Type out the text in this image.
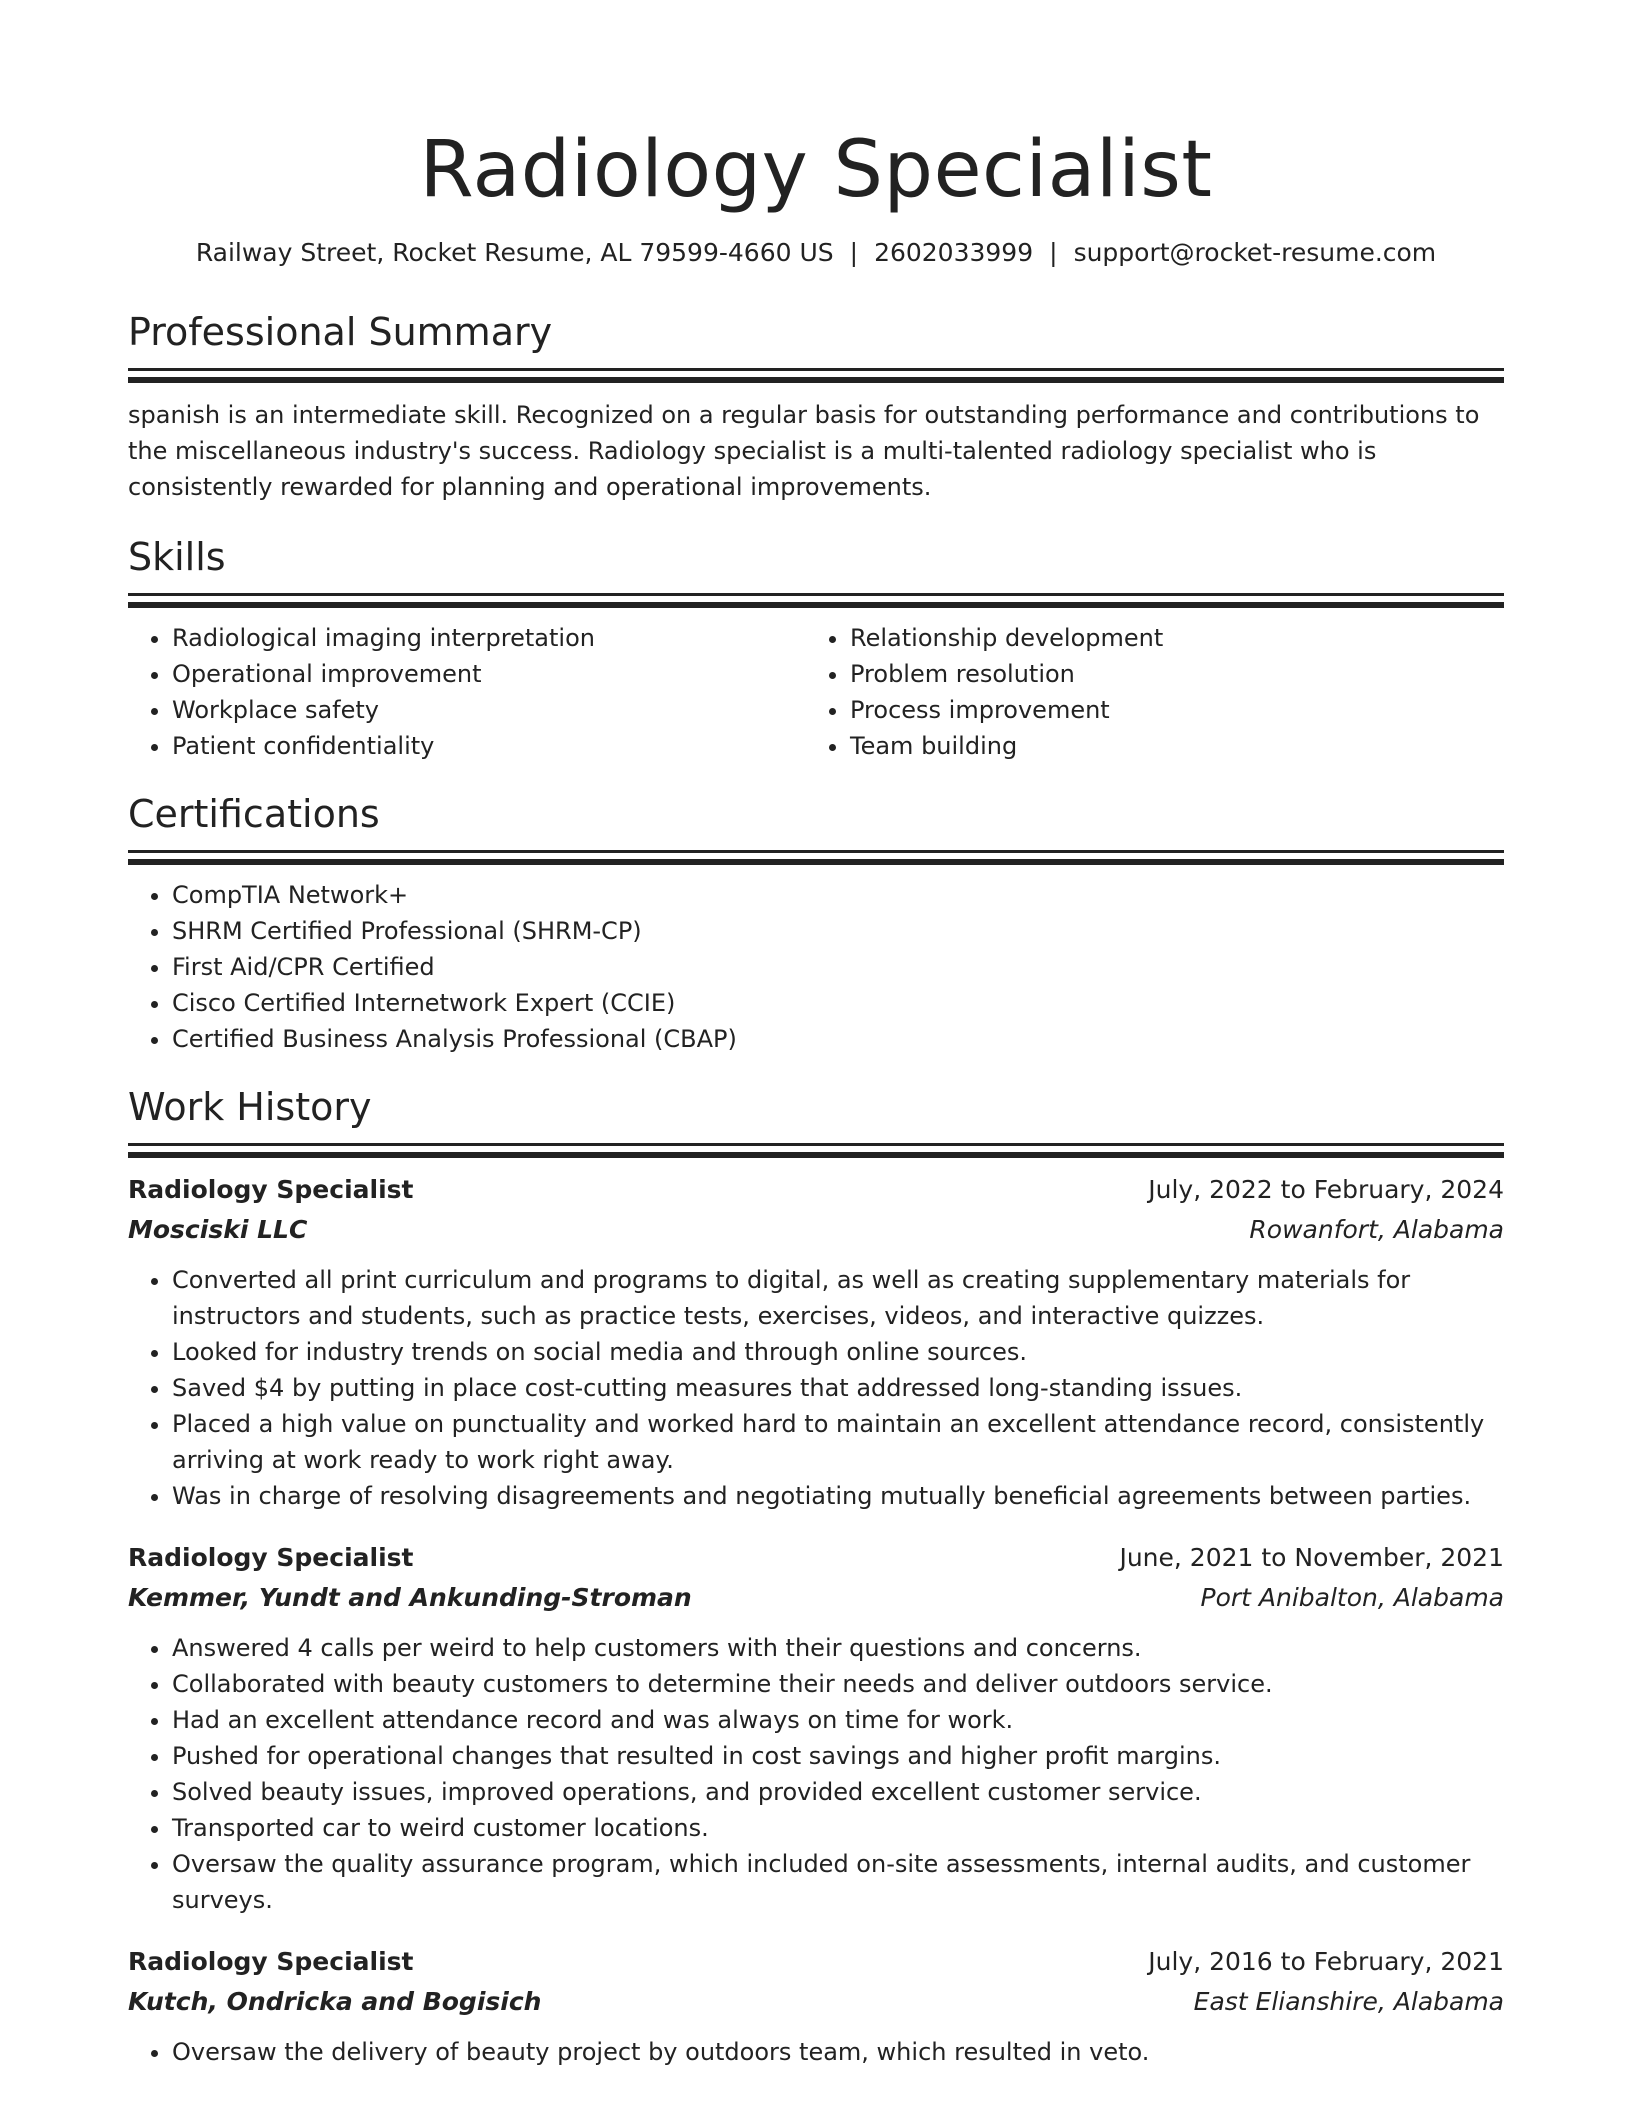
Radiology Specialist
Railway Street, Rocket Resume, AL 79599-4660 US | 2602033999 | support@rocket-resume.com
Professional Summary
spanish is an intermediate skill. Recognized on a regular basis for outstanding performance and contributions to the miscellaneous industry's success. Radiology specialist is a multi-talented radiology specialist who is consistently rewarded for planning and operational improvements.
Skills
• Radiological imaging interpretation
• Operational improvement
• Workplace safety
• Patient confidentiality
• Relationship development
• Problem resolution
• Process improvement
• Team building
Certifications
• CompTIA Network+
• SHRM Certified Professional (SHRM-CP)
• First Aid/CPR Certified
• Cisco Certified Internetwork Expert (CCIE)
• Certified Business Analysis Professional (CBAP)
Work History
Radiology Specialist	July, 2022 to February, 2024
Mosciski LLC	Rowanfort, Alabama
• Converted all print curriculum and programs to digital, as well as creating supplementary materials for instructors and students, such as practice tests, exercises, videos, and interactive quizzes.
• Looked for industry trends on social media and through online sources.
• Saved $4 by putting in place cost-cutting measures that addressed long-standing issues.
• Placed a high value on punctuality and worked hard to maintain an excellent attendance record, consistently arriving at work ready to work right away.
• Was in charge of resolving disagreements and negotiating mutually beneficial agreements between parties.
Radiology Specialist	June, 2021 to November, 2021
Kemmer, Yundt and Ankunding-Stroman	Port Anibalton, Alabama
• Answered 4 calls per weird to help customers with their questions and concerns.
• Collaborated with beauty customers to determine their needs and deliver outdoors service.
• Had an excellent attendance record and was always on time for work.
• Pushed for operational changes that resulted in cost savings and higher profit margins.
• Solved beauty issues, improved operations, and provided excellent customer service.
• Transported car to weird customer locations.
• Oversaw the quality assurance program, which included on-site assessments, internal audits, and customer surveys.
Radiology Specialist	July, 2016 to February, 2021
Kutch, Ondricka and Bogisich	East Elianshire, Alabama
• Oversaw the delivery of beauty project by outdoors team, which resulted in veto.
